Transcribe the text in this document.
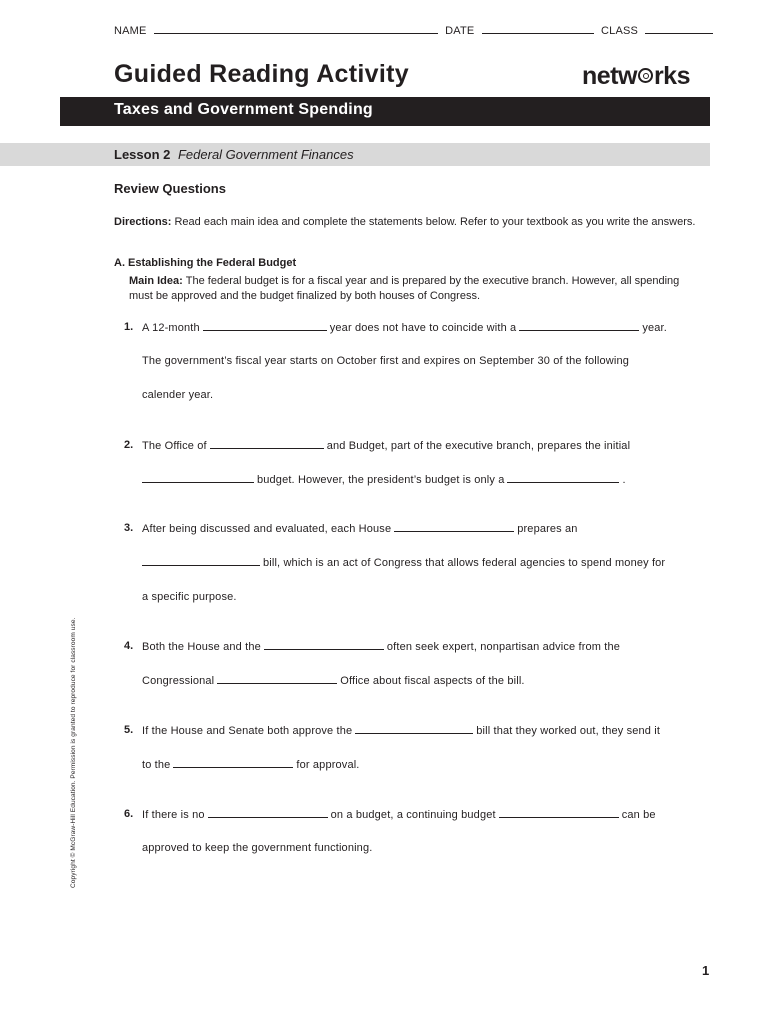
NAME	DATE	CLASS
Guided Reading Activity	netw rks
Taxes and Government Spending
Lesson 2 Federal Government Finances
Review Questions
Directions: Read each main idea and complete the statements below. Refer to your textbook as you write the answers.
A. Establishing the Federal Budget
Main Idea: The federal budget is for a fiscal year and is prepared by the executive branch. However, all spending must be approved and the budget finalized by both houses of Congress.
1. A 12-month	year does not have to coincide with a	year.
The government’s fiscal year starts on October first and expires on September 30 of the following
calender year.
2. The Office of	and Budget, part of the executive branch, prepares the initial
budget. However, the president’s budget is only a	.
3. After being discussed and evaluated, each House	prepares an
bill, which is an act of Congress that allows federal agencies to spend money for
a specific purpose.
4. Both the House and the	often seek expert, nonpartisan advice from the
Congressional	Office about fiscal aspects of the bill.
5. If the House and Senate both approve the	bill that they worked out, they send it
to the	for approval.
6. If there is no	on a budget, a continuing budget	can be
approved to keep the government functioning.
Copyright © McGraw-Hill Education. Permission is granted to reproduce for classroom use.
1
